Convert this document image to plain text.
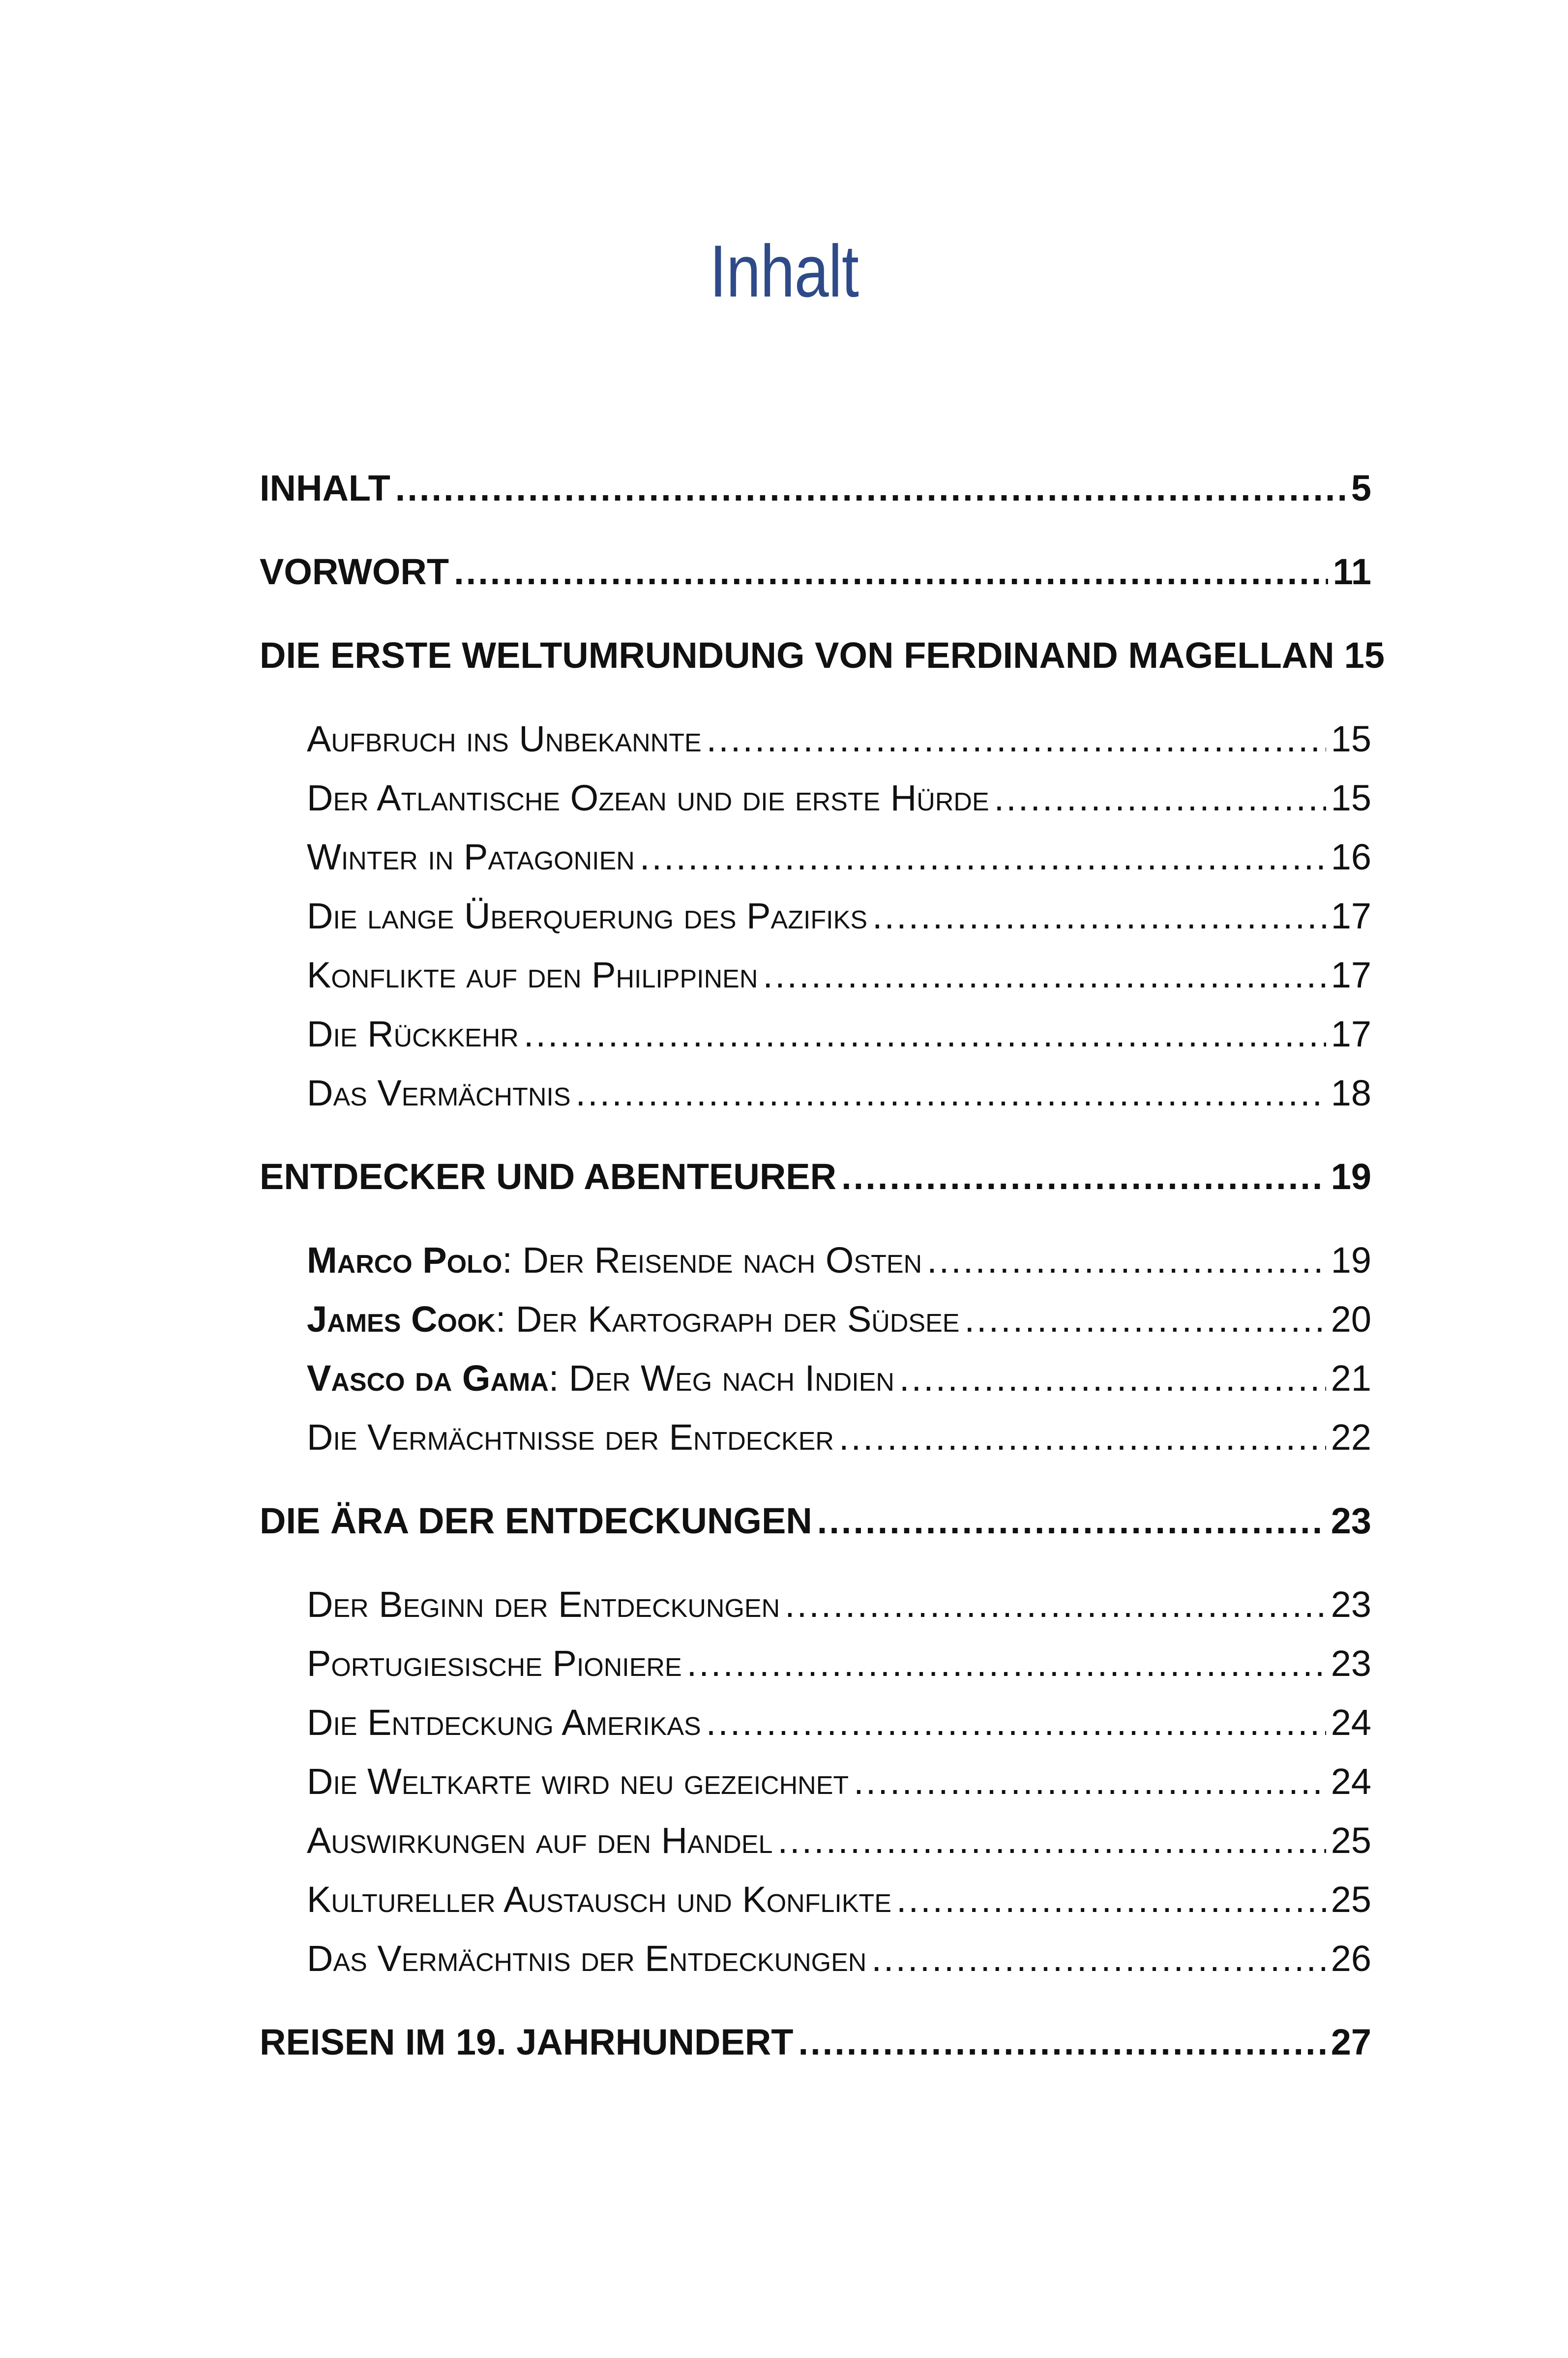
Inhalt
INHALT .....	5
VORWORT .....	11
DIE ERSTE WELTUMRUNDUNG VON FERDINAND MAGELLAN 15
Aufbruch ins Unbekannte .....	15
Der Atlantische Ozean und die erste Hürde .....	15
Winter in Patagonien .....	16
Die lange Überquerung des Pazifiks .....	17
Konflikte auf den Philippinen .....	17
Die Rückkehr .....	17
Das Vermächtnis .....	18
ENTDECKER UND ABENTEURER .....	19
Marco Polo: Der Reisende nach Osten .....	19
James Cook: Der Kartograph der Südsee .....	20
Vasco da Gama: Der Weg nach Indien .....	21
Die Vermächtnisse der Entdecker .....	22
DIE ÄRA DER ENTDECKUNGEN .....	23
Der Beginn der Entdeckungen .....	23
Portugiesische Pioniere .....	23
Die Entdeckung Amerikas .....	24
Die Weltkarte wird neu gezeichnet .....	24
Auswirkungen auf den Handel .....	25
Kultureller Austausch und Konflikte .....	25
Das Vermächtnis der Entdeckungen .....	26
REISEN IM 19. JAHRHUNDERT .....	27
